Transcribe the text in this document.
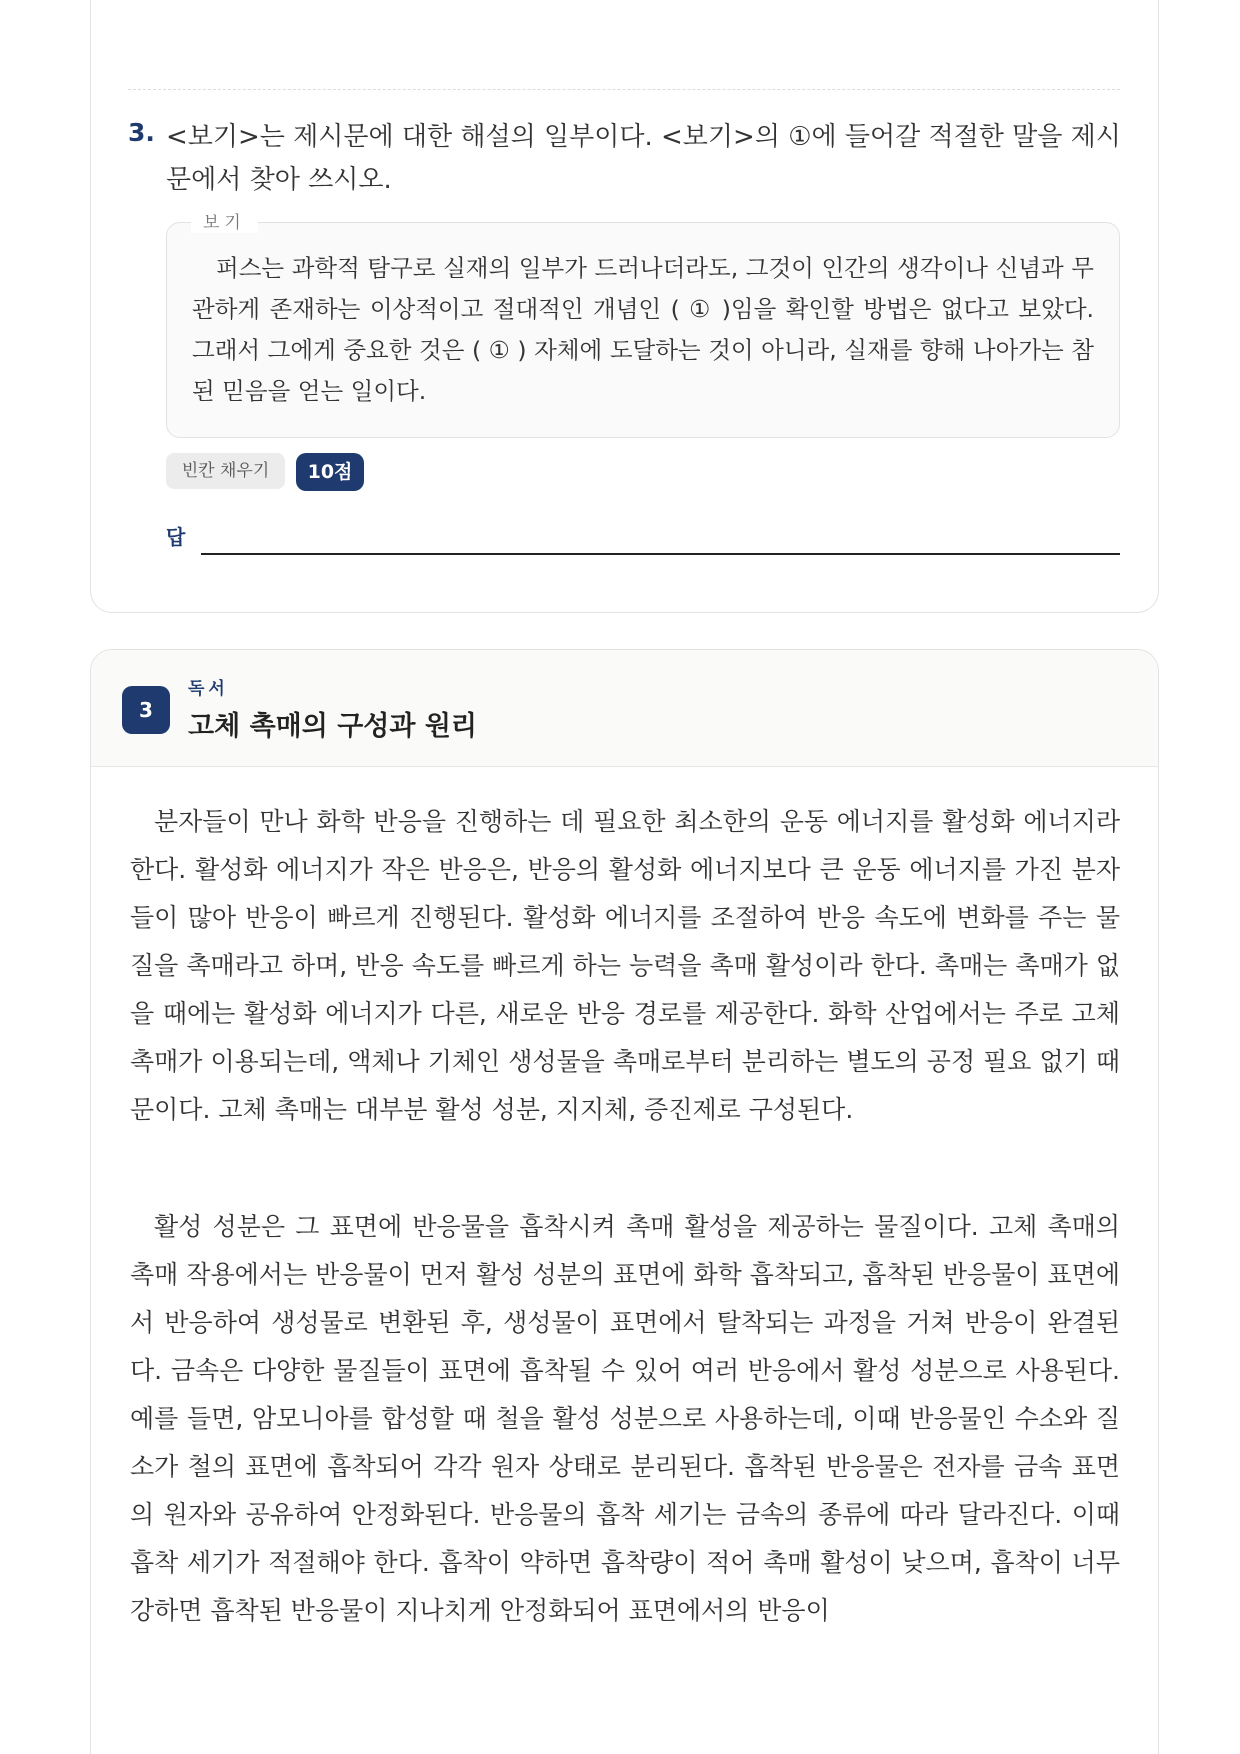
3. <보기>는 제시문에 대한 해설의 일부이다. <보기>의 ①에 들어갈 적절한 말을 제시문에서 찾아 쓰시오.
보기
퍼스는 과학적 탐구로 실재의 일부가 드러나더라도, 그것이 인간의 생각이나 신념과 무관하게 존재하는 이상적이고 절대적인 개념인 ( ① )임을 확인할 방법은 없다고 보았다. 그래서 그에게 중요한 것은 ( ① ) 자체에 도달하는 것이 아니라, 실재를 향해 나아가는 참된 믿음을 얻는 일이다.
빈칸 채우기	10점
답
3
독서
고체 촉매의 구성과 원리
분자들이 만나 화학 반응을 진행하는 데 필요한 최소한의 운동 에너지를 활성화 에너지라 한다. 활성화 에너지가 작은 반응은, 반응의 활성화 에너지보다 큰 운동 에너지를 가진 분자들이 많아 반응이 빠르게 진행된다. 활성화 에너지를 조절하여 반응 속도에 변화를 주는 물질을 촉매라고 하며, 반응 속도를 빠르게 하는 능력을 촉매 활성이라 한다. 촉매는 촉매가 없을 때에는 활성화 에너지가 다른, 새로운 반응 경로를 제공한다. 화학 산업에서는 주로 고체 촉매가 이용되는데, 액체나 기체인 생성물을 촉매로부터 분리하는 별도의 공정 필요 없기 때문이다. 고체 촉매는 대부분 활성 성분, 지지체, 증진제로 구성된다.
활성 성분은 그 표면에 반응물을 흡착시켜 촉매 활성을 제공하는 물질이다. 고체 촉매의 촉매 작용에서는 반응물이 먼저 활성 성분의 표면에 화학 흡착되고, 흡착된 반응물이 표면에서 반응하여 생성물로 변환된 후, 생성물이 표면에서 탈착되는 과정을 거쳐 반응이 완결된다. 금속은 다양한 물질들이 표면에 흡착될 수 있어 여러 반응에서 활성 성분으로 사용된다. 예를 들면, 암모니아를 합성할 때 철을 활성 성분으로 사용하는데, 이때 반응물인 수소와 질소가 철의 표면에 흡착되어 각각 원자 상태로 분리된다. 흡착된 반응물은 전자를 금속 표면의 원자와 공유하여 안정화된다. 반응물의 흡착 세기는 금속의 종류에 따라 달라진다. 이때 흡착 세기가 적절해야 한다. 흡착이 약하면 흡착량이 적어 촉매 활성이 낮으며, 흡착이 너무 강하면 흡착된 반응물이 지나치게 안정화되어 표면에서의 반응이
